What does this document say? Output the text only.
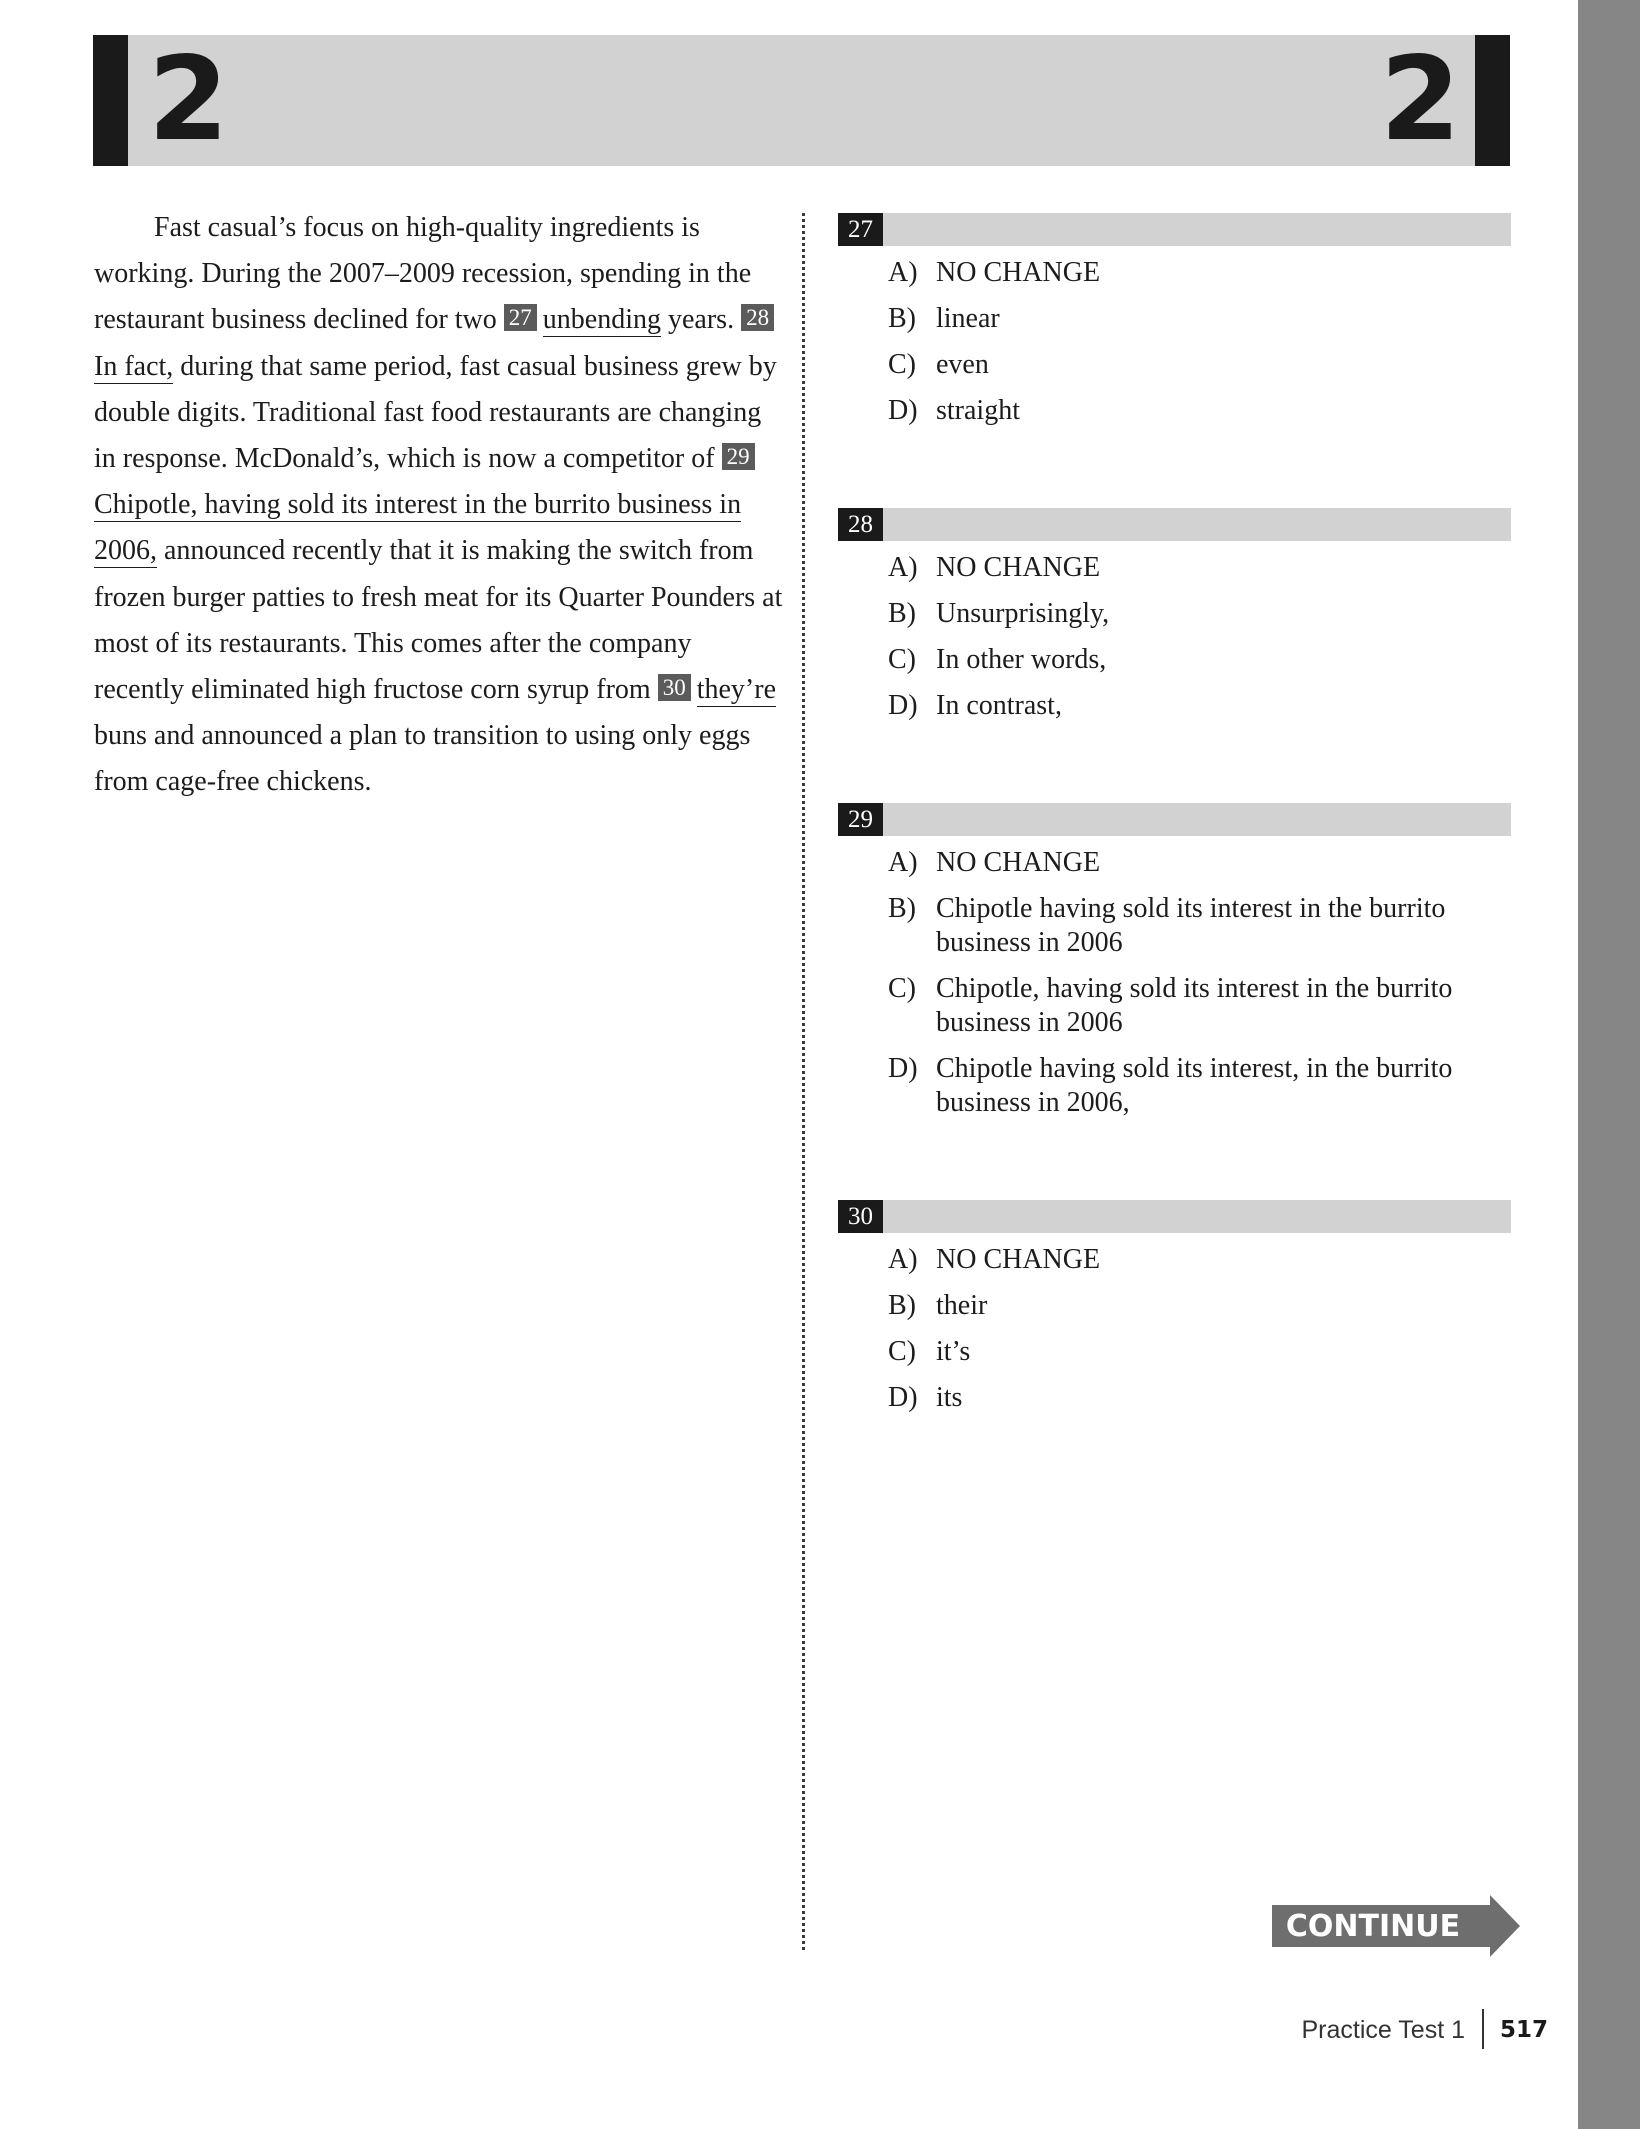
2	2
Fast casual’s focus on high-quality ingredients is working. During the 2007–2009 recession, spending in the restaurant business declined for two 27 unbending years. 28In fact, during that same period, fast casual business grew by double digits. Traditional fast food restaurants are changing in response. McDonald’s, which is now a competitor of 29Chipotle, having sold its interest in the burrito business in 2006, announced recently that it is making the switch from frozen burger patties to fresh meat for its Quarter Pounders at most of its restaurants. This comes after the company recently eliminated high fructose corn syrup from 30 they’re buns and announced a plan to transition to using only eggs from cage-free chickens.
27
A) NO CHANGE
B) linear
C) even
D) straight
28
A) NO CHANGE
B) Unsurprisingly,
C) In other words,
D) In contrast,
29
A) NO CHANGE
B) Chipotle having sold its interest in the burrito business in 2006
C) Chipotle, having sold its interest in the burrito business in 2006
D) Chipotle having sold its interest, in the burrito business in 2006,
30
A) NO CHANGE
B) their
C) it’s
D) its
CONTINUE
Practice Test 1 517
